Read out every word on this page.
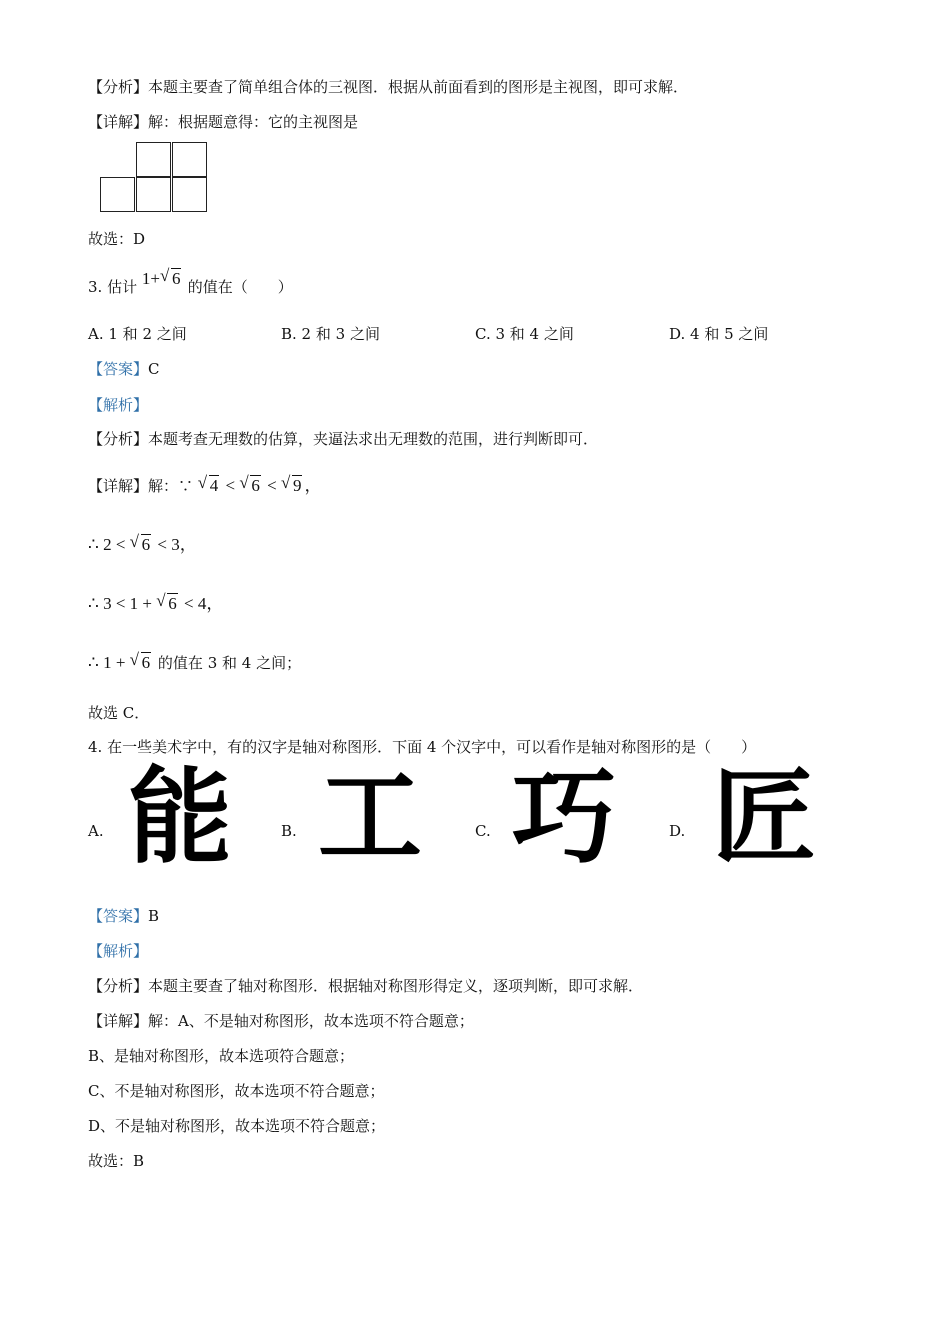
【分析】本题主要查了简单组合体的三视图．根据从前面看到的图形是主视图，即可求解．
【详解】解：根据题意得：它的主视图是
故选：D
3. 估计 1+ √ 6 的值在（　　）
A. 1 和 2 之间	B. 2 和 3 之间	C. 3 和 4 之间	D. 4 和 5 之间
【答案】C
【解析】
【分析】本题考查无理数的估算，夹逼法求出无理数的范围，进行判断即可．
【详解】解：∵ √ 4 < √ 6 < √ 9 ，
∴ 2 < √ 6 < 3，
∴ 3 < 1 + √ 6 < 4，
∴ 1 + √ 6 的值在 3 和 4 之间；
故选 C．
4. 在一些美术字中，有的汉字是轴对称图形．下面 4 个汉字中，可以看作是轴对称图形的是（　　）
A. 能	B. 工	C. 巧	D. 匠
【答案】B
【解析】
【分析】本题主要查了轴对称图形．根据轴对称图形得定义，逐项判断，即可求解．
【详解】解：A、不是轴对称图形，故本选项不符合题意；
B、是轴对称图形，故本选项符合题意；
C、不是轴对称图形，故本选项不符合题意；
D、不是轴对称图形，故本选项不符合题意；
故选：B
